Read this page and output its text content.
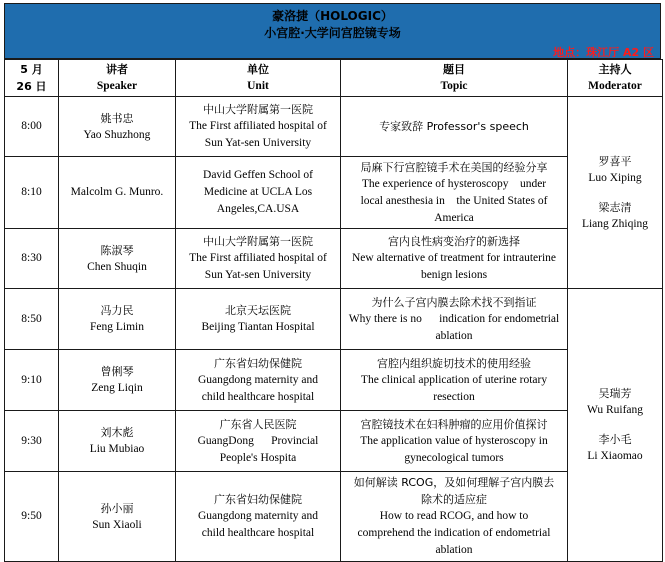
豪洛捷（HOLOGIC）
小宫腔·大学问宫腔镜专场
地点：珠江厅 A2 区
5 月
26 日	讲者
Speaker	单位
Unit	题目
Topic	主持人
Moderator

8:00	姚书忠
Yao Shuzhong	中山大学附属第一医院
The First affiliated hospital of
Sun Yat-sen University	专家致辞 Professor's speech	罗喜平
Luo Xiping
梁志清
Liang Zhiqing

8:10	Malcolm G. Munro.	David Geffen School of
Medicine at UCLA Los
Angeles,CA.USA	局麻下行宫腔镜手术在美国的经验分享
The experience of hysteroscopy    under
local anesthesia in    the United States of
America	

8:30	陈淑琴
Chen Shuqin	中山大学附属第一医院
The First affiliated hospital of
Sun Yat-sen University	宫内良性病变治疗的新选择
New alternative of treatment for intrauterine
benign lesions	

8:50	冯力民
Feng Limin	北京天坛医院
Beijing Tiantan Hospital	为什么子宫内膜去除术找不到指证
Why there is no      indication for endometrial
ablation	吴瑞芳
Wu Ruifang
李小毛
Li Xiaomao

9:10	曾俐琴
Zeng Liqin	广东省妇幼保健院
Guangdong maternity and
child healthcare hospital	宫腔内组织旋切技术的使用经验
The clinical application of uterine rotary
resection	

9:30	刘木彪
Liu Mubiao	广东省人民医院
GuangDong      Provincial
People's Hospita	宫腔镜技术在妇科肿瘤的应用价值探讨
The application value of hysteroscopy in
gynecological tumors	

9:50	孙小丽
Sun Xiaoli	广东省妇幼保健院
Guangdong maternity and
child healthcare hospital	如何解读 RCOG，及如何理解子宫内膜去
除术的适应症
How to read RCOG, and how to
comprehend the indication of endometrial
ablation	
